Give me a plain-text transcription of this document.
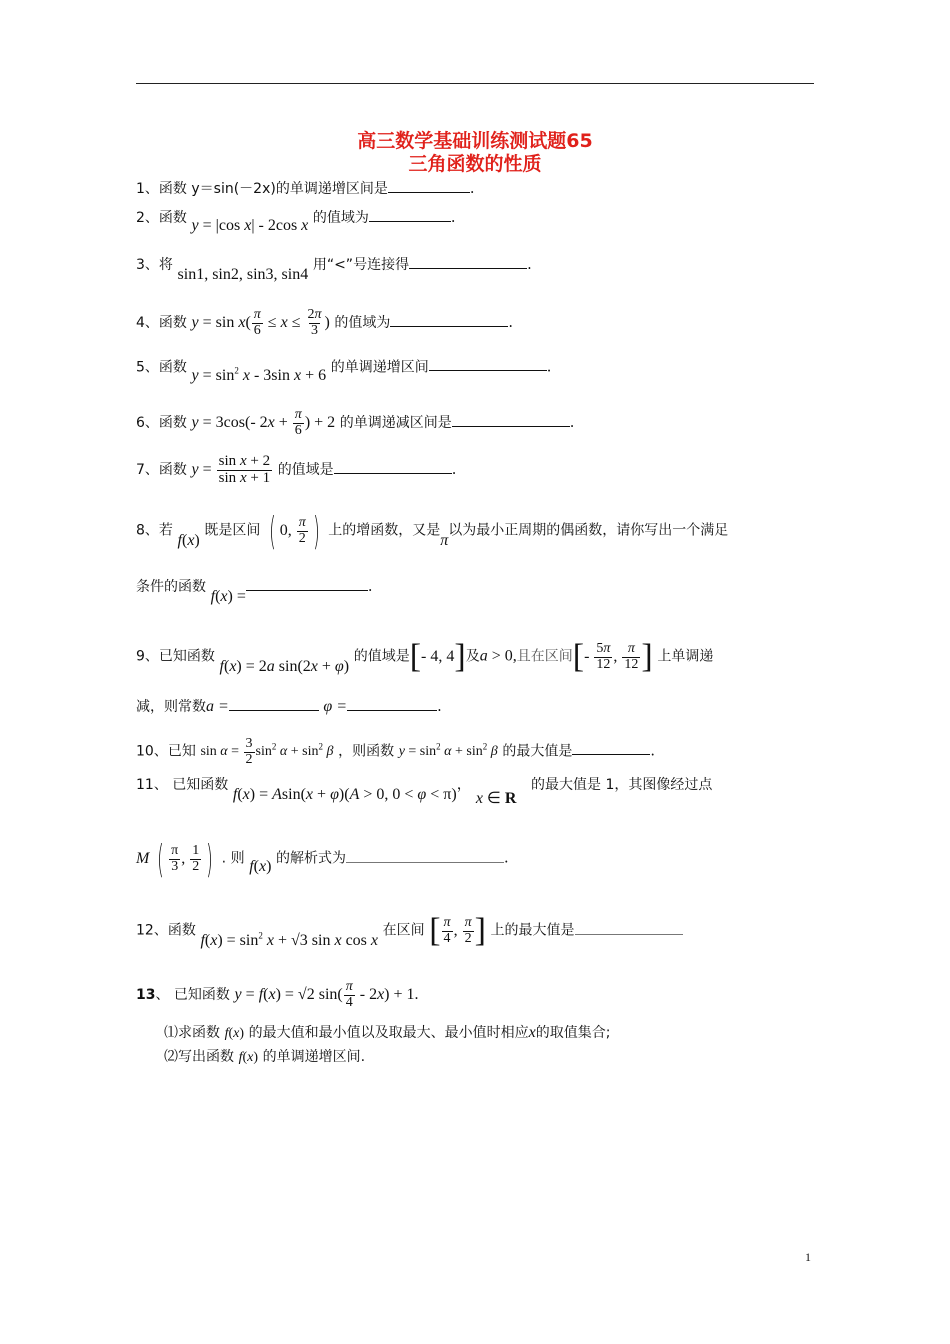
高三数学基础训练测试题65
三角函数的性质
1、函数 y＝sin(－2x)的单调递增区间是	.
2、函数 y = |cos x| - 2cos x 的值域为	.
3、将 sin1, sin2, sin3, sin4 用“<”号连接得	.
4、函数 $y = \sin x( \frac{\pi}{6} \le x \le \frac{2\pi}{3}$ ) 的值域为	.
5、函数 $y = \sin^2 x - 3\sin$ x + 6 的单调递增区间	.
6、函数 y = 3cos(- $2x + \frac{\pi}{6}$ ) + 2 的单调递减区间是	.
7、函数 $y = \frac{\text{sin x + 2}}{\text{sin x + 1}}$ 的值域是	.
8、若 f(x) 既是区间 ( 0, $\frac{\pi}{2}$ ) 上的增函数，又是π以为最小正周期的偶函数，请你写出一个满足
条件的函数 f(x) =.
9、已知函数 f(x) = 2a sin(2x + φ) 的值域是[- 4, 4]及a > 0,且在区间[- $\frac{5\pi}{12}$ , $\frac{\pi}{12}$ ] 上单调递
减，则常数a =	φ =	.
10、已知 $\sin \alpha = \frac{3}{2} \sin^2 \alpha + \sin^2 \beta$ ，则函数 $y = \sin^2 \alpha + \sin^2 \beta$ 的最大值是	.
11、 已知函数 f(x) = Asin(x + φ)(A > 0, 0 < φ < π)， x ∈ R 的最大值是 1，其图像经过点
M ( $\frac{\pi}{3}$ , $\frac{1}{2}$ ) . 则 f(x) 的解析式为	.
12、函数 $f(x) = \sin^2 x + √3$ sin x cos x 在区间 [ $\frac{\pi}{4}$ , $\frac{\pi}{2}$ ] 上的最大值是
13、 已知函数 y = f(x) = √2 $\sin( \frac{\pi}{4} - 2x) + 1$.
⑴求函数 f(x) 的最大值和最小值以及取最大、最小值时相应x的取值集合;
⑵写出函数 f(x) 的单调递增区间.
1
